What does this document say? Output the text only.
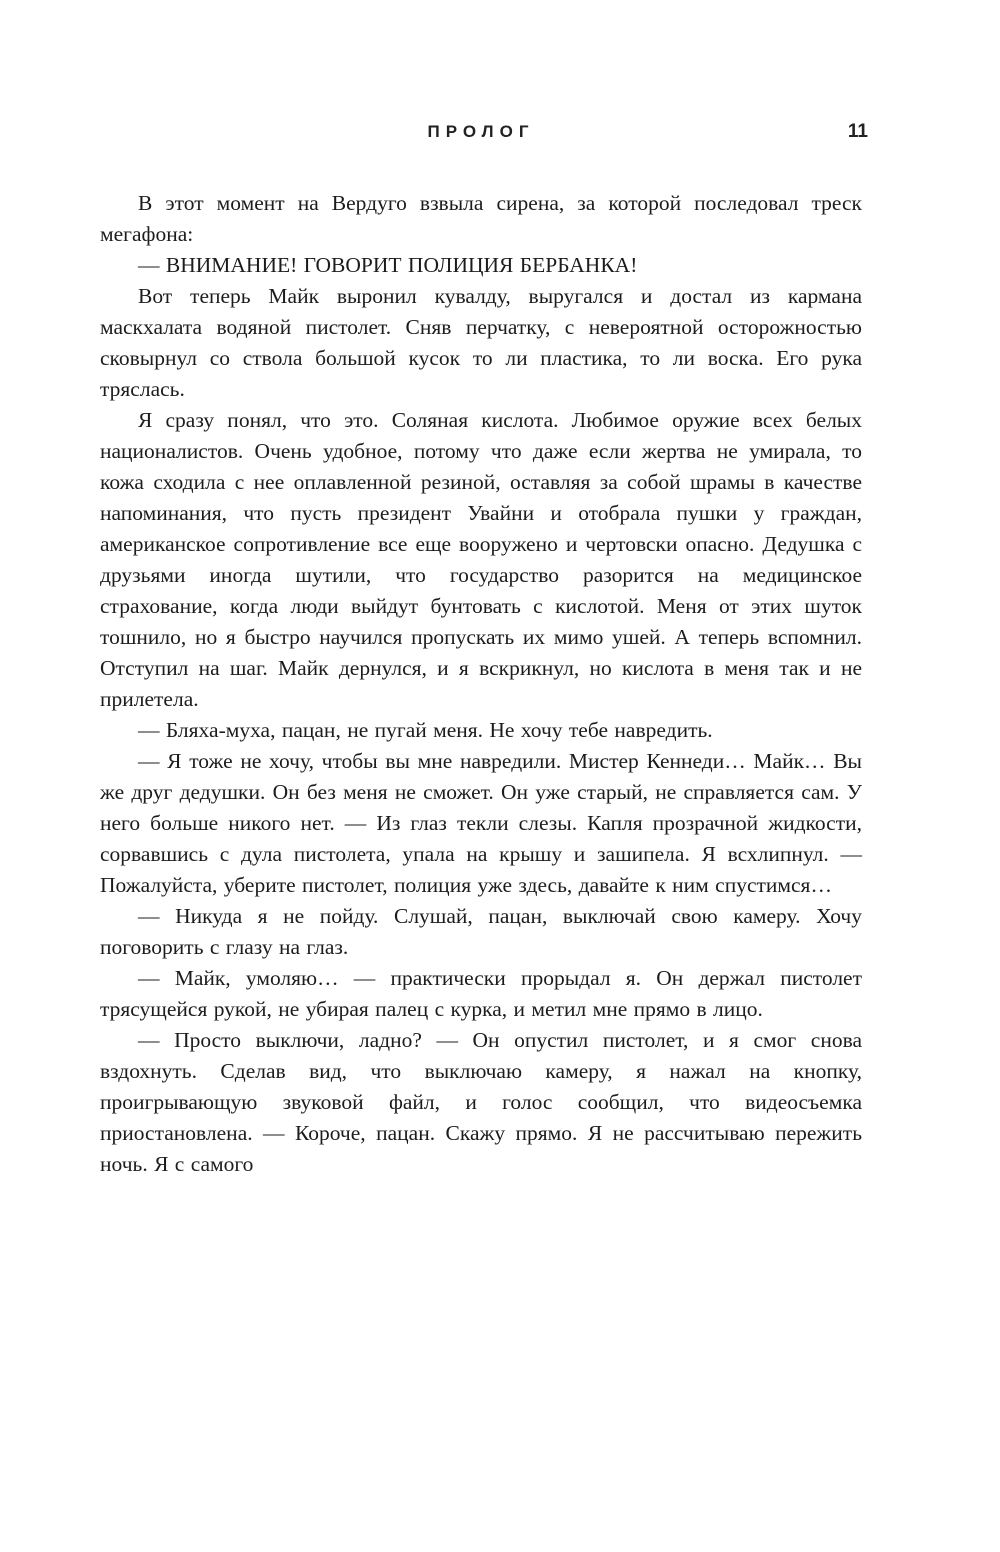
ПРОЛОГ	11

В этот момент на Вердуго взвыла сирена, за которой последовал треск мегафона:

— ВНИМАНИЕ! ГОВОРИТ ПОЛИЦИЯ БЕРБАНКА!

Вот теперь Майк выронил кувалду, выругался и достал из кармана маскхалата водяной пистолет. Сняв перчатку, с невероятной осторожностью сковырнул со ствола большой кусок то ли пластика, то ли воска. Его рука тряслась.

Я сразу понял, что это. Соляная кислота. Любимое оружие всех белых националистов. Очень удобное, потому что даже если жертва не умирала, то кожа сходила с нее оплавленной резиной, оставляя за собой шрамы в качестве напоминания, что пусть президент Увайни и отобрала пушки у граждан, американское сопротивление все еще вооружено и чертовски опасно. Дедушка с друзьями иногда шутили, что государство разорится на медицинское страхование, когда люди выйдут бунтовать с кислотой. Меня от этих шуток тошнило, но я быстро научился пропускать их мимо ушей. А теперь вспомнил. Отступил на шаг. Майк дернулся, и я вскрикнул, но кислота в меня так и не прилетела.

— Бляха-муха, пацан, не пугай меня. Не хочу тебе навредить.

— Я тоже не хочу, чтобы вы мне навредили. Мистер Кеннеди… Майк… Вы же друг дедушки. Он без меня не сможет. Он уже старый, не справляется сам. У него больше никого нет. — Из глаз текли слезы. Капля прозрачной жидкости, сорвавшись с дула пистолета, упала на крышу и зашипела. Я всхлипнул. — Пожалуйста, уберите пистолет, полиция уже здесь, давайте к ним спустимся…

— Никуда я не пойду. Слушай, пацан, выключай свою камеру. Хочу поговорить с глазу на глаз.

— Майк, умоляю… — практически прорыдал я. Он держал пистолет трясущейся рукой, не убирая палец с курка, и метил мне прямо в лицо.

— Просто выключи, ладно? — Он опустил пистолет, и я смог снова вздохнуть. Сделав вид, что выключаю камеру, я нажал на кнопку, проигрывающую звуковой файл, и голос сообщил, что видеосъемка приостановлена. — Короче, пацан. Скажу прямо. Я не рассчитываю пережить ночь. Я с самого
